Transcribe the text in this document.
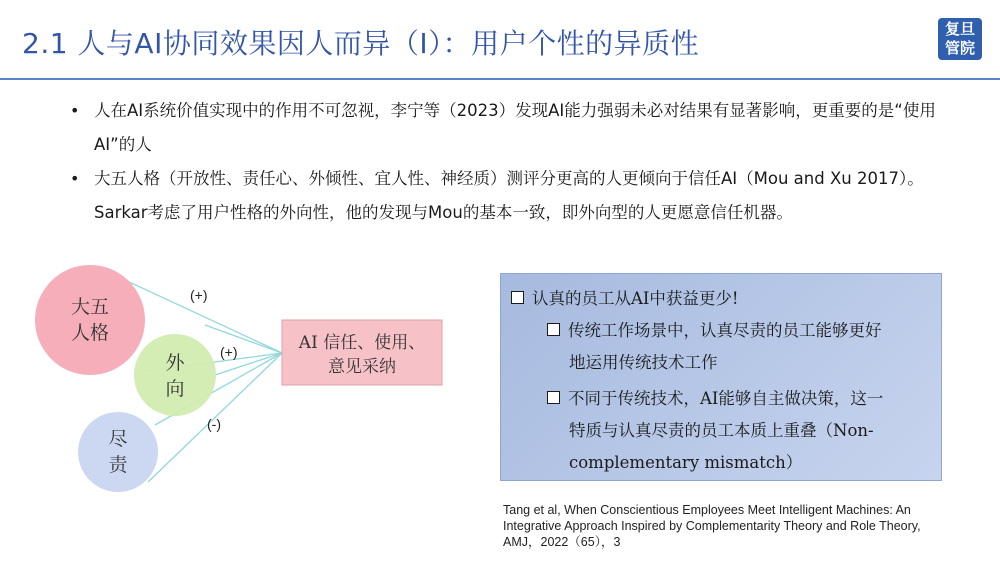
2.1 人与AI协同效果因人而异（I）：用户个性的异质性	复旦
管院
• 人在AI系统价值实现中的作用不可忽视，李宁等（2023）发现AI能力强弱未必对结果有显著影响，更重要的是“使用AI”的人
• 大五人格（开放性、责任心、外倾性、宜人性、神经质）测评分更高的人更倾向于信任AI（Mou and Xu 2017）。Sarkar考虑了用户性格的外向性，他的发现与Mou的基本一致，即外向型的人更愿意信任机器。
大五
人格
外
向
尽
责
(+)
(+)
(-)
AI 信任、使用、
意见采纳
认真的员工从AI中获益更少!
传统工作场景中，认真尽责的员工能够更好
地运用传统技术工作
不同于传统技术，AI能够自主做决策，这一
特质与认真尽责的员工本质上重叠（Non-
complementary mismatch）
Tang et al, When Conscientious Employees Meet Intelligent Machines: An
Integrative Approach Inspired by Complementarity Theory and Role Theory,
AMJ，2022（65），3
